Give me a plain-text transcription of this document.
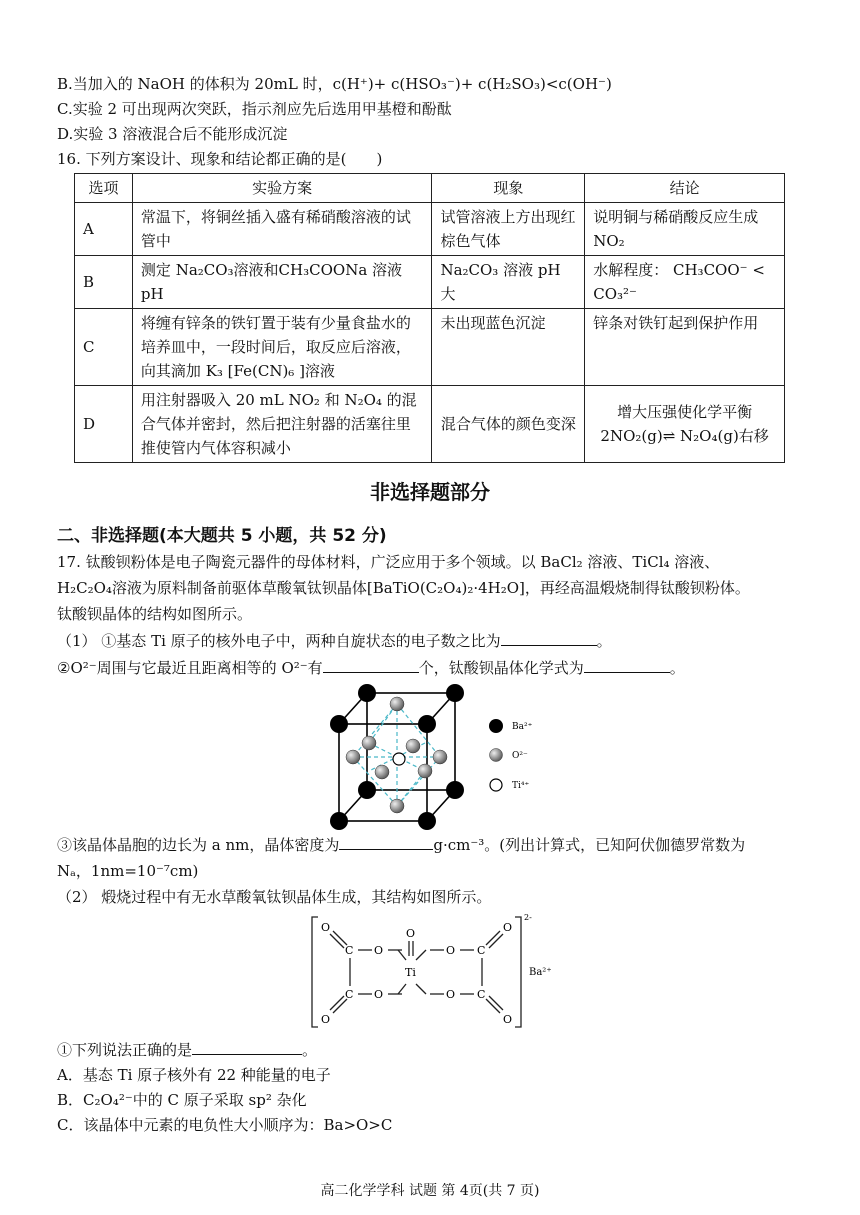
B.当加入的 NaOH 的体积为 20mL 时，c(H⁺)+ c(HSO₃⁻)+ c(H₂SO₃)<c(OH⁻)
C.实验 2 可出现两次突跃，指示剂应先后选用甲基橙和酚酞
D.实验 3 溶液混合后不能形成沉淀
16. 下列方案设计、现象和结论都正确的是(　　)
选项	实验方案	现象	结论
A	常温下，将铜丝插入盛有稀硝酸溶液的试管中	试管溶液上方出现红棕色气体	说明铜与稀硝酸反应生成 NO₂
B	测定 Na₂CO₃溶液和CH₃COONa 溶液pH	Na₂CO₃ 溶液 pH 大	水解程度： CH₃COO⁻ < CO₃²⁻
C	将缠有锌条的铁钉置于装有少量食盐水的培养皿中，一段时间后，取反应后溶液，向其滴加 K₃ [Fe(CN)₆ ]溶液	未出现蓝色沉淀	锌条对铁钉起到保护作用
D	用注射器吸入 20 mL NO₂ 和 N₂O₄ 的混合气体并密封，然后把注射器的活塞往里推使管内气体容积减小	混合气体的颜色变深	增大压强使化学平衡 2NO₂(g)⇌ N₂O₄(g)右移
非选择题部分
二、非选择题(本大题共 5 小题，共 52 分)
17. 钛酸钡粉体是电子陶瓷元器件的母体材料，广泛应用于多个领域。以 BaCl₂ 溶液、TiCl₄ 溶液、
H₂C₂O₄溶液为原料制备前驱体草酸氧钛钡晶体[BaTiO(C₂O₄)₂·4H₂O]，再经高温煅烧制得钛酸钡粉体。
钛酸钡晶体的结构如图所示。
（1） ①基态 Ti 原子的核外电子中，两种自旋状态的电子数之比为	。
②O²⁻周围与它最近且距离相等的 O²⁻有	个，钛酸钡晶体化学式为	。
Ba²⁺
O²⁻
Ti⁴⁺
③该晶体晶胞的边长为 a nm，晶体密度为	g·cm⁻³。(列出计算式，已知阿伏伽德罗常数为
Nₐ，1nm=10⁻⁷cm)
（2） 煅烧过程中有无水草酸氧钛钡晶体生成，其结构如图所示。
O
O
C
C
O
O
O
Ti
O
O
C
C
O
O
2-
Ba²⁺
①下列说法正确的是	。
A．基态 Ti 原子核外有 22 种能量的电子
B．C₂O₄²⁻中的 C 原子采取 sp² 杂化
C．该晶体中元素的电负性大小顺序为：Ba>O>C
高二化学学科 试题 第 4页(共 7 页)
